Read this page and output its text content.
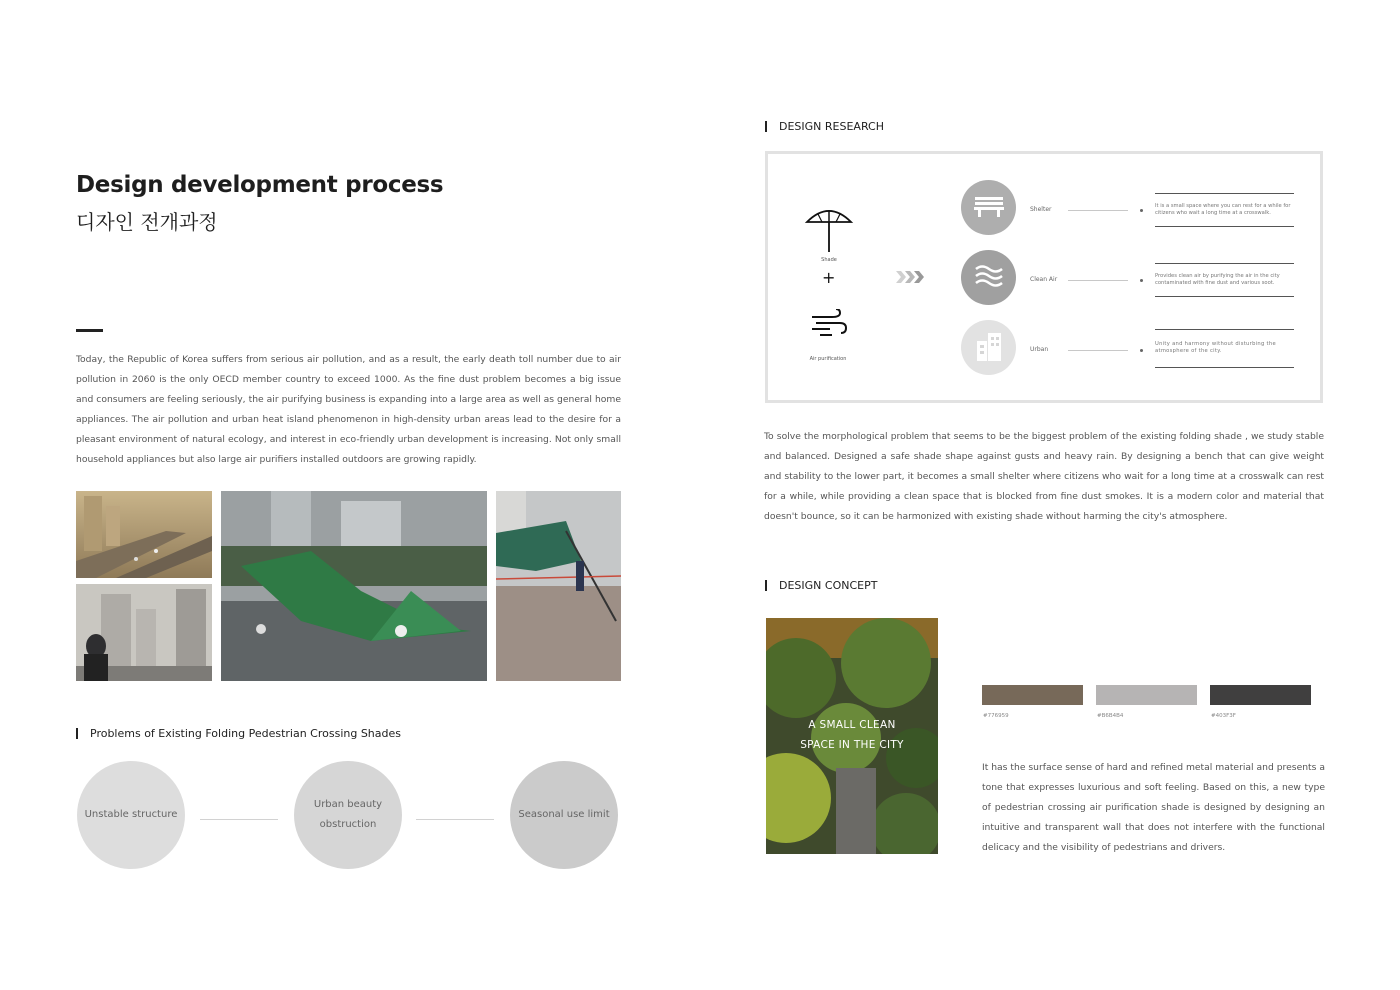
Design development process
디자인 전개과정

Today, the Republic of Korea suffers from serious air pollution, and as a result, the early death toll number due to air pollution in 2060 is the only OECD member country to exceed 1000. As the fine dust problem becomes a big issue and consumers are feeling seriously, the air purifying business is expanding into a large area as well as general home appliances. The air pollution and urban heat island phenomenon in high-density urban areas lead to the desire for a pleasant environment of natural ecology, and interest in eco-friendly urban development is increasing. Not only small household appliances but also large air purifiers installed outdoors are growing rapidly.

Problems of Existing Folding Pedestrian Crossing Shades
Unstable structure
Urban beauty obstruction
Seasonal use limit
DESIGN RESEARCH
Shade
+
Air purification
Shelter	It is a small space where you can rest for a while for citizens who wait a long time at a crosswalk.
Clean Air	Provides clean air by purifying the air in the city contaminated with fine dust and various soot.
Urban
Unity and harmony without disturbing the atmosphere of the city.

To solve the morphological problem that seems to be the biggest problem of the existing folding shade , we study stable and balanced. Designed a safe shade shape against gusts and heavy rain. By designing a bench that can give weight and stability to the lower part, it becomes a small shelter where citizens who wait for a long time at a crosswalk can rest for a while, while providing a clean space that is blocked from fine dust smokes. It is a modern color and material that doesn't bounce, so it can be harmonized with existing shade without harming the city's atmosphere.

DESIGN CONCEPT
A SMALL CLEAN
SPACE IN THE CITY
#776959	#B6B4B4	#403F3F

It has the surface sense of hard and refined metal material and presents a tone that expresses luxurious and soft feeling. Based on this, a new type of pedestrian crossing air purification shade is designed by designing an intuitive and transparent wall that does not interfere with the functional delicacy and the visibility of pedestrians and drivers.
